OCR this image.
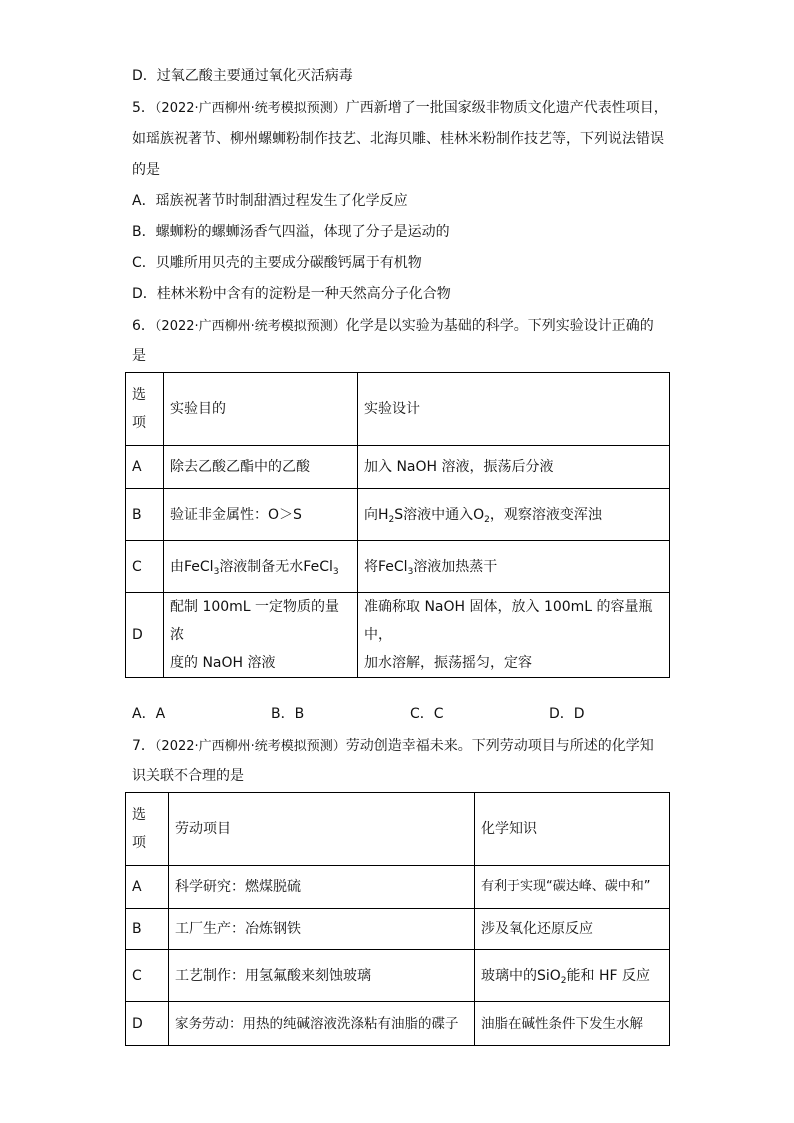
D．过氧乙酸主要通过氧化灭活病毒
5．（2022·广西柳州·统考模拟预测）广西新增了一批国家级非物质文化遗产代表性项目，
如瑶族祝著节、柳州螺蛳粉制作技艺、北海贝雕、桂林米粉制作技艺等，下列说法错误
的是
A．瑶族祝著节时制甜酒过程发生了化学反应
B．螺蛳粉的螺蛳汤香气四溢，体现了分子是运动的
C．贝雕所用贝壳的主要成分碳酸钙属于有机物
D．桂林米粉中含有的淀粉是一种天然高分子化合物
6．（2022·广西柳州·统考模拟预测）化学是以实验为基础的科学。下列实验设计正确的
是
选
项	实验目的	实验设计
A	除去乙酸乙酯中的乙酸	加入 NaOH 溶液，振荡后分液
B	验证非金属性：O＞S	向$H_2S$溶液中通入$O_2$，观察溶液变浑浊
C	由FeCl$_3$溶液制备无水FeCl$_3$	将FeCl$_3$溶液加热蒸干
D	配制 100mL 一定物质的量浓
度的 NaOH 溶液	准确称取 NaOH 固体，放入 100mL 的容量瓶中，
加水溶解，振荡摇匀，定容
A．A	B．B	C．C	D．D
7．（2022·广西柳州·统考模拟预测）劳动创造幸福未来。下列劳动项目与所述的化学知
识关联不合理的是
选
项	劳动项目	化学知识
A	科学研究：燃煤脱硫	有利于实现“碳达峰、碳中和”
B	工厂生产：冶炼钢铁	涉及氧化还原反应
C	工艺制作：用氢氟酸来刻蚀玻璃	玻璃中的SiO$_2$能和 HF 反应
D	家务劳动：用热的纯碱溶液洗涤粘有油脂的碟子	油脂在碱性条件下发生水解
